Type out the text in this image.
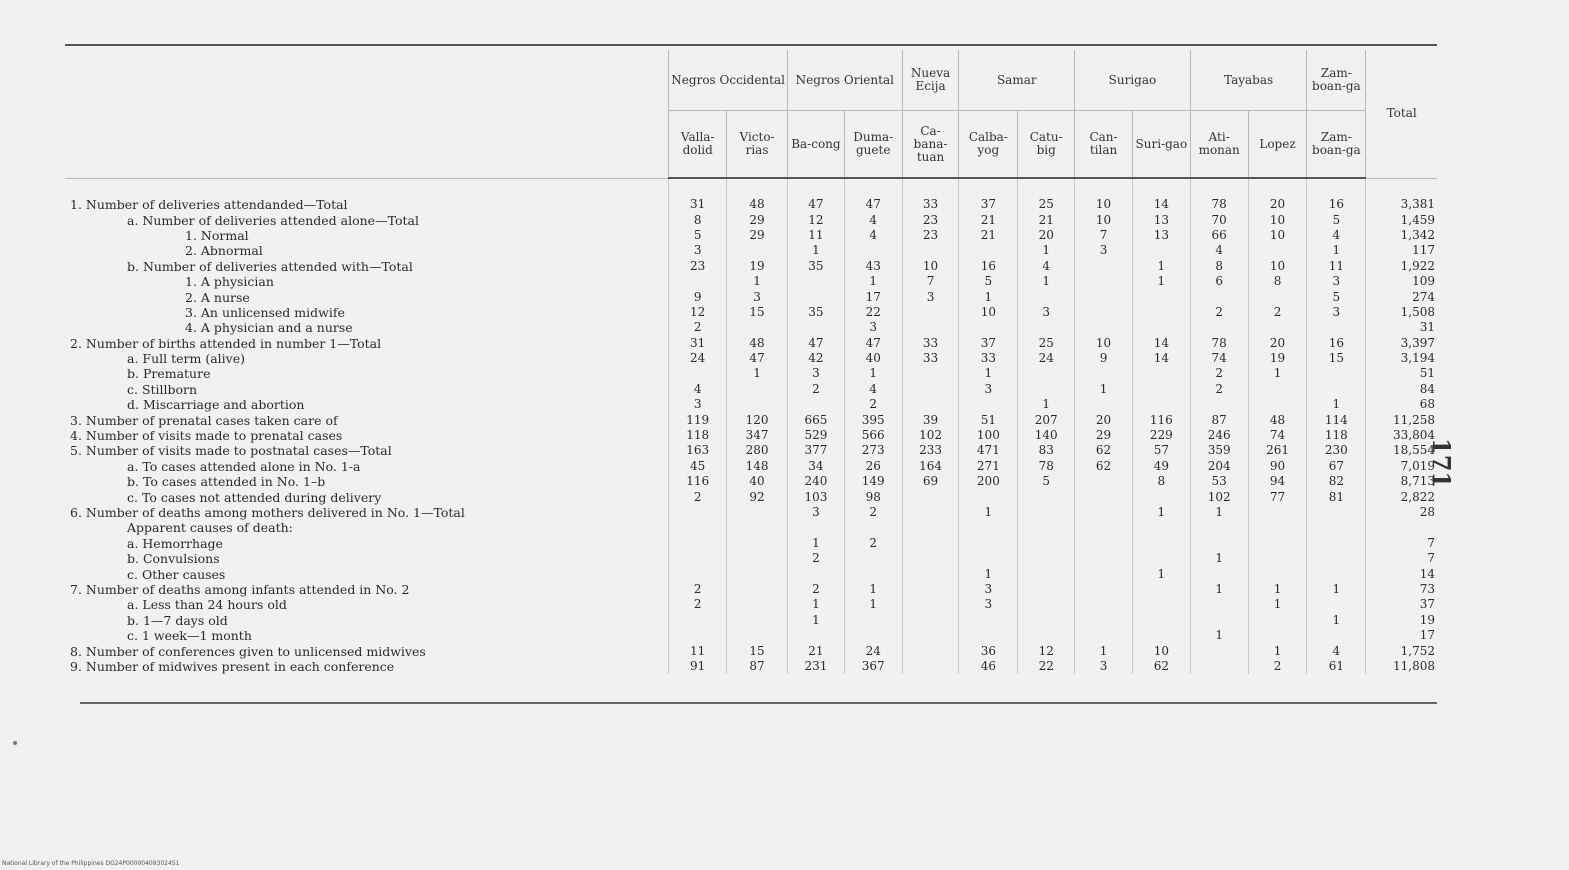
	Negros Occidental		Negros Oriental		Nueva Ecija	Samar		Surigao		Tayabas		Zam-boan-ga	Total
	Valla-dolid	Victo-rias	Ba-cong	Duma-guete	Ca-bana-tuan	Calba-yog	Catu-big	Can-tilan	Suri-gao	Ati-monan	Lopez	Zam-boan-ga	
1. Number of deliveries attendanded—Total	31	48	47	47	33	37	25	10	14	78	20	16	3,381
a. Number of deliveries attended alone—Total	8	29	12	4	23	21	21	10	13	70	10	5	1,459
1. Normal	5	29	11	4	23	21	20	7	13	66	10	4	1,342
2. Abnormal	3		1				1	3		4		1	117
b. Number of deliveries attended with—Total	23	19	35	43	10	16	4		1	8	10	11	1,922
1. A physician		1		1	7	5	1		1	6	8	3	109
2. A nurse	9	3		17	3	1						5	274
3. An unlicensed midwife	12	15	35	22		10	3			2	2	3	1,508
4. A physician and a nurse	2			3									31
2. Number of births attended in number 1—Total	31	48	47	47	33	37	25	10	14	78	20	16	3,397
a. Full term (alive)	24	47	42	40	33	33	24	9	14	74	19	15	3,194
b. Premature		1	3	1		1				2	1		51
c. Stillborn	4		2	4		3		1		2			84
d. Miscarriage and abortion	3			2			1					1	68
3. Number of prenatal cases taken care of	119	120	665	395	39	51	207	20	116	87	48	114	11,258
4. Number of visits made to prenatal cases	118	347	529	566	102	100	140	29	229	246	74	118	33,804
5. Number of visits made to postnatal cases—Total	163	280	377	273	233	471	83	62	57	359	261	230	18,554
a. To cases attended alone in No. 1-a	45	148	34	26	164	271	78	62	49	204	90	67	7,019
b. To cases attended in No. 1–b	116	40	240	149	69	200	5		8	53	94	82	8,713
c. To cases not attended during delivery	2	92	103	98						102	77	81	2,822
6. Number of deaths among mothers delivered in No. 1—Total			3	2		1			1	1			28
Apparent causes of death:													
a. Hemorrhage			1	2									7
b. Convulsions			2							1			7
c. Other causes						1			1				14
7. Number of deaths among infants attended in No. 2	2		2	1		3				1	1	1	73
a. Less than 24 hours old	2		1	1		3					1		37
b. 1—7 days old			1									1	19
c. 1 week—1 month										1			17
8. Number of conferences given to unlicensed midwives	11	15	21	24		36	12	1	10		1	4	1,752
9. Number of midwives present in each conference	91	87	231	367		46	22	3	62		2	61	11,808
171
National Library of the Philippines DG24P00000409302451
